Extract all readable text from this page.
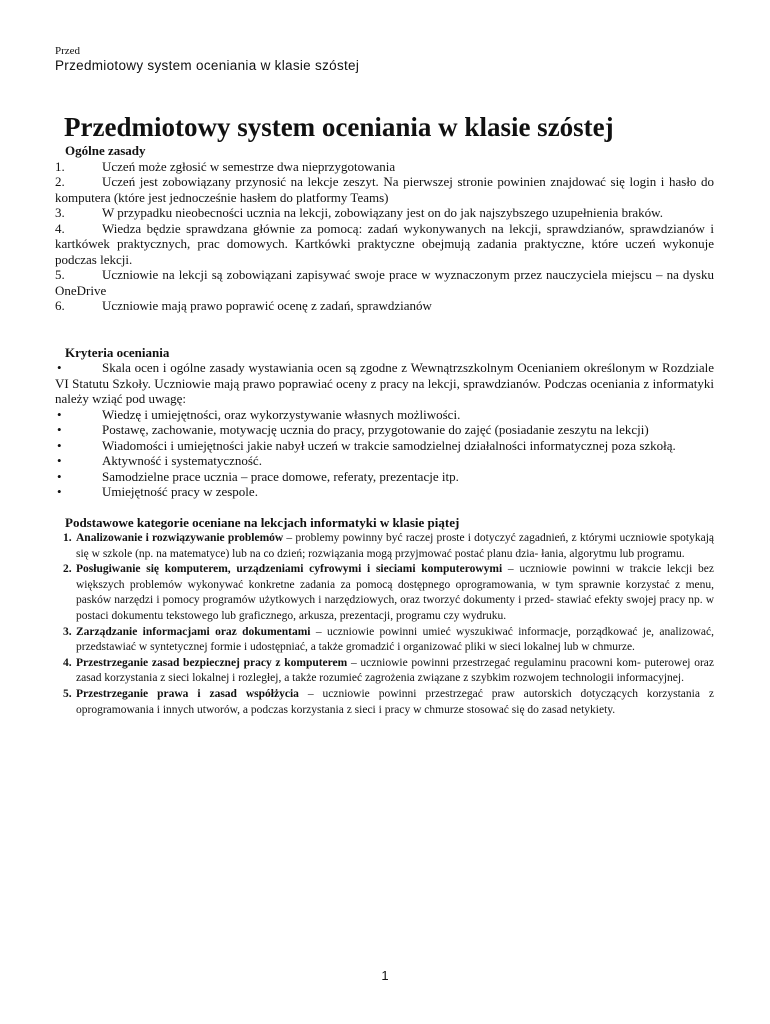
Przed
Przedmiotowy system oceniania w klasie szóstej
Przedmiotowy system oceniania w klasie szóstej
Ogólne zasady
1.	Uczeń może zgłosić w semestrze dwa nieprzygotowania
2.	Uczeń jest zobowiązany przynosić na lekcje zeszyt. Na pierwszej stronie powinien znajdować się login i hasło do komputera (które jest jednocześnie hasłem do platformy Teams)
3.	W przypadku nieobecności ucznia na lekcji, zobowiązany jest on do jak najszybszego uzupełnienia braków.
4.	Wiedza będzie sprawdzana głównie za pomocą: zadań wykonywanych na lekcji, sprawdzianów, sprawdzianów i kartkówek praktycznych, prac domowych. Kartkówki praktyczne obejmują zadania praktyczne, które uczeń wykonuje podczas lekcji.
5.	Uczniowie na lekcji są zobowiązani zapisywać swoje prace w wyznaczonym przez nauczyciela miejscu – na dysku OneDrive
6.	Uczniowie mają prawo poprawić ocenę z zadań, sprawdzianów
Kryteria oceniania
•	Skala ocen i ogólne zasady wystawiania ocen są zgodne z Wewnątrzszkolnym Ocenianiem określonym w Rozdziale VI Statutu Szkoły. Uczniowie mają prawo poprawiać oceny z pracy na lekcji, sprawdzianów. Podczas oceniania z informatyki należy wziąć pod uwagę:
•	Wiedzę i umiejętności, oraz wykorzystywanie własnych możliwości.
•	Postawę, zachowanie, motywację ucznia do pracy, przygotowanie do zajęć (posiadanie zeszytu na lekcji)
•	Wiadomości i umiejętności jakie nabył uczeń w trakcie samodzielnej działalności informatycznej poza szkołą.
•	Aktywność i systematyczność.
•	Samodzielne prace ucznia – prace domowe, referaty, prezentacje itp.
•	Umiejętność pracy w zespole.
Podstawowe kategorie oceniane na lekcjach informatyki w klasie piątej
1. Analizowanie i rozwiązywanie problemów – problemy powinny być raczej proste i dotyczyć zagadnień, z którymi uczniowie spotykają się w szkole (np. na matematyce) lub na co dzień; rozwiązania mogą przyjmować postać planu dzia- łania, algorytmu lub programu.
2. Posługiwanie się komputerem, urządzeniami cyfrowymi i sieciami komputerowymi – uczniowie powinni w trakcie lekcji bez większych problemów wykonywać konkretne zadania za pomocą dostępnego oprogramowania, w tym sprawnie korzystać z menu, pasków narzędzi i pomocy programów użytkowych i narzędziowych, oraz tworzyć dokumenty i przed- stawiać efekty swojej pracy np. w postaci dokumentu tekstowego lub graficznego, arkusza, prezentacji, programu czy wydruku.
3. Zarządzanie informacjami oraz dokumentami – uczniowie powinni umieć wyszukiwać informacje, porządkować je, analizować, przedstawiać w syntetycznej formie i udostępniać, a także gromadzić i organizować pliki w sieci lokalnej lub w chmurze.
4. Przestrzeganie zasad bezpiecznej pracy z komputerem – uczniowie powinni przestrzegać regulaminu pracowni kom- puterowej oraz zasad korzystania z sieci lokalnej i rozległej, a także rozumieć zagrożenia związane z szybkim rozwojem technologii informacyjnej.
5. Przestrzeganie prawa i zasad współżycia – uczniowie powinni przestrzegać praw autorskich dotyczących korzystania z oprogramowania i innych utworów, a podczas korzystania z sieci i pracy w chmurze stosować się do zasad netykiety.
1
